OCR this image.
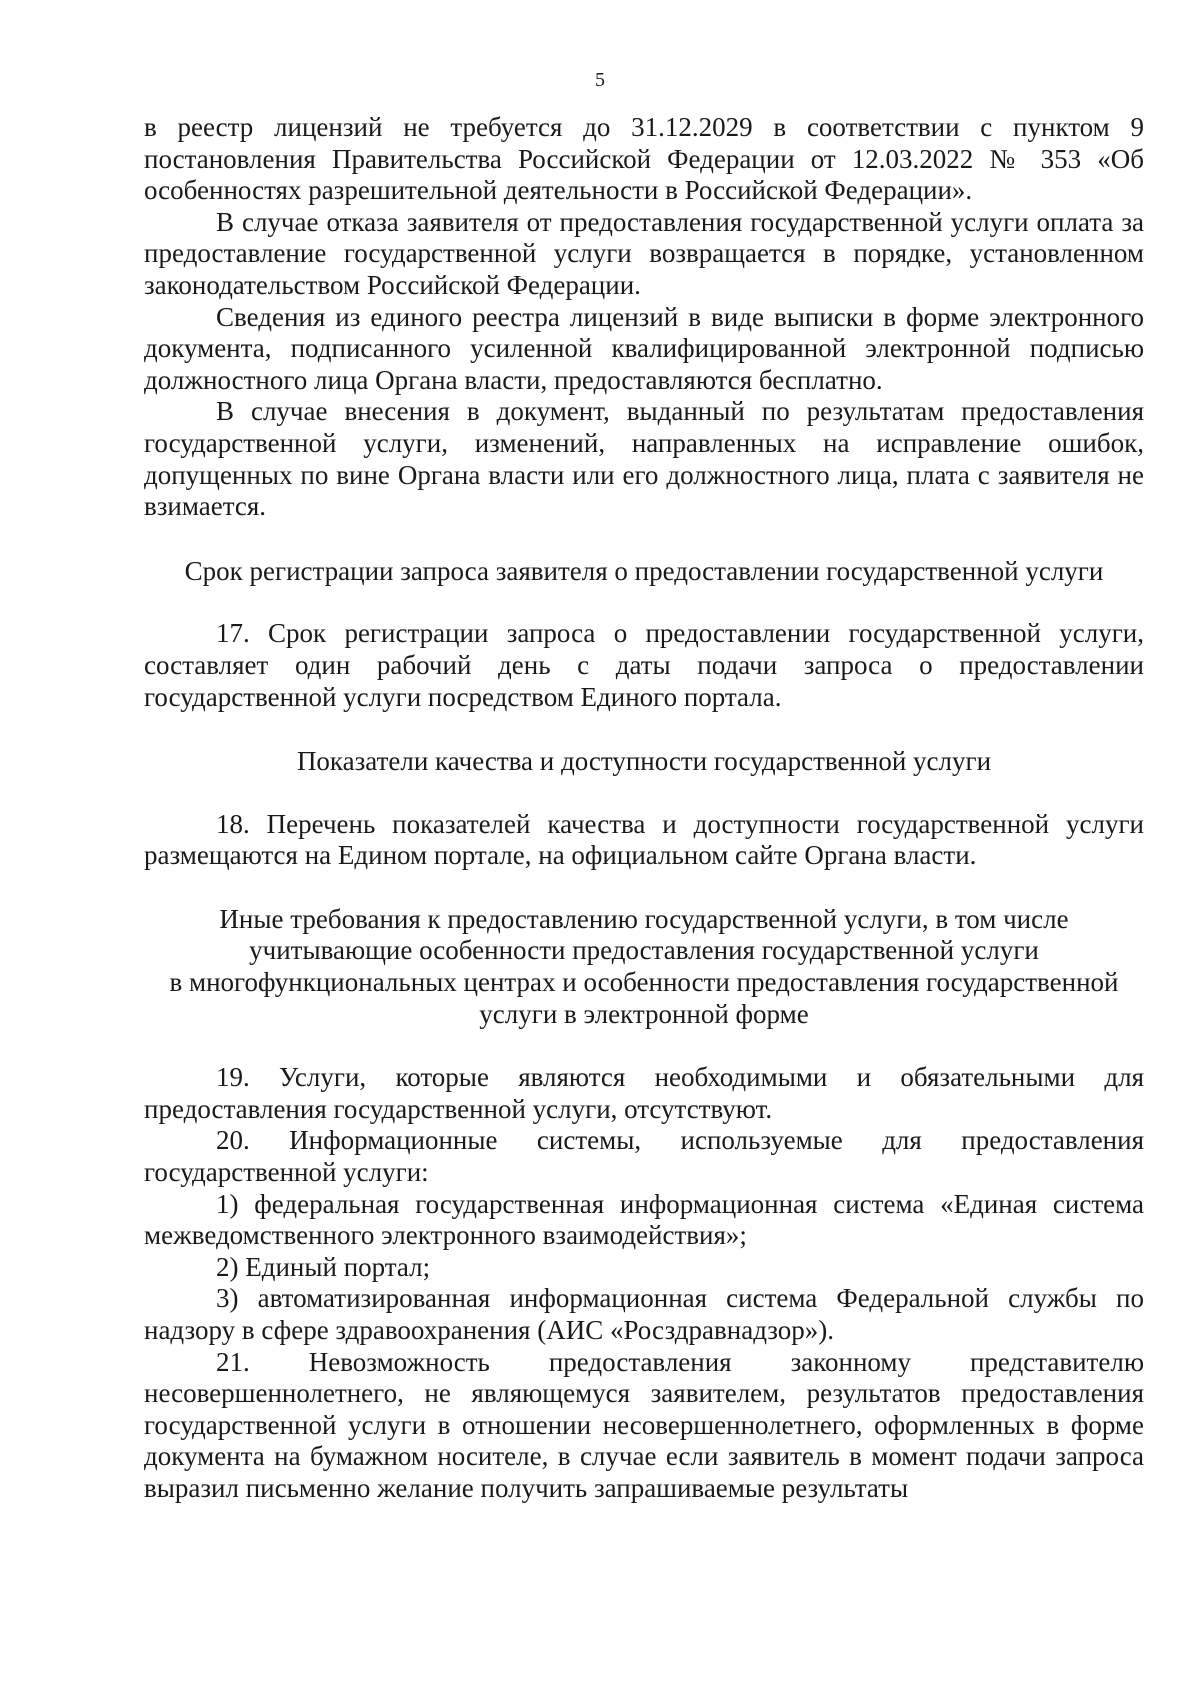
5

в реестр лицензий не требуется до 31.12.2029 в соответствии с пунктом 9 постановления Правительства Российской Федерации от 12.03.2022 № 353 «Об особенностях разрешительной деятельности в Российской Федерации».

В случае отказа заявителя от предоставления государственной услуги оплата за предоставление государственной услуги возвращается в порядке, установленном законодательством Российской Федерации.

Сведения из единого реестра лицензий в виде выписки в форме электронного документа, подписанного усиленной квалифицированной электронной подписью должностного лица Органа власти, предоставляются бесплатно.

В случае внесения в документ, выданный по результатам предоставления государственной услуги, изменений, направленных на исправление ошибок, допущенных по вине Органа власти или его должностного лица, плата с заявителя не взимается.

Срок регистрации запроса заявителя о предоставлении государственной услуги

17. Срок регистрации запроса о предоставлении государственной услуги, составляет один рабочий день с даты подачи запроса о предоставлении государственной услуги посредством Единого портала.

Показатели качества и доступности государственной услуги

18. Перечень показателей качества и доступности государственной услуги размещаются на Едином портале, на официальном сайте Органа власти.

Иные требования к предоставлению государственной услуги, в том числе
учитывающие особенности предоставления государственной услуги
в многофункциональных центрах и особенности предоставления государственной
услуги в электронной форме

19. Услуги, которые являются необходимыми и обязательными для предоставления государственной услуги, отсутствуют.

20. Информационные системы, используемые для предоставления государственной услуги:

1) федеральная государственная информационная система «Единая система межведомственного электронного взаимодействия»;

2) Единый портал;

3) автоматизированная информационная система Федеральной службы по надзору в сфере здравоохранения (АИС «Росздравнадзор»).

21. Невозможность предоставления законному представителю несовершеннолетнего, не являющемуся заявителем, результатов предоставления государственной услуги в отношении несовершеннолетнего, оформленных в форме документа на бумажном носителе, в случае если заявитель в момент подачи запроса выразил письменно желание получить запрашиваемые результаты
